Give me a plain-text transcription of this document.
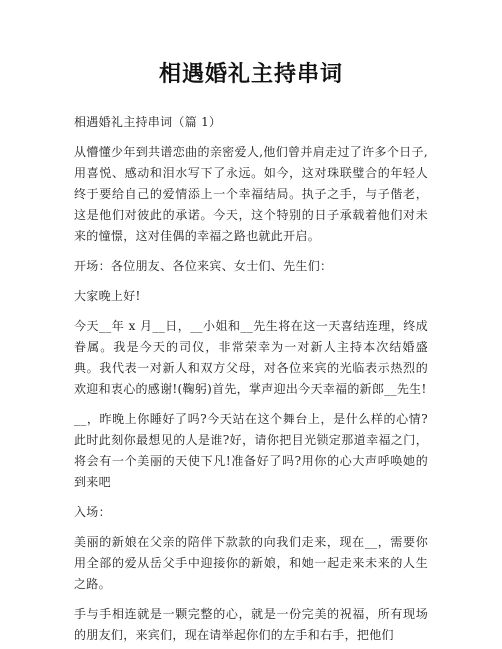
相遇婚礼主持串词

相遇婚礼主持串词（篇 1）

从懵懂少年到共谱恋曲的亲密爱人,他们曾并肩走过了许多个日子,用喜悦、感动和泪水写下了永远。如今，这对珠联璧合的年轻人终于要给自己的爱情添上一个幸福结局。执子之手，与子偕老，这是他们对彼此的承诺。今天，这个特别的日子承载着他们对未来的憧憬，这对佳偶的幸福之路也就此开启。

开场：各位朋友、各位来宾、女士们、先生们：

大家晚上好!

今天__年 x 月__日，__小姐和__先生将在这一天喜结连理，终成眷属。我是今天的司仪，非常荣幸为一对新人主持本次结婚盛典。我代表一对新人和双方父母，对各位来宾的光临表示热烈的欢迎和衷心的感谢!(鞠躬)首先，掌声迎出今天幸福的新郎__先生!

__，昨晚上你睡好了吗?今天站在这个舞台上，是什么样的心情?此时此刻你最想见的人是谁?好，请你把目光锁定那道幸福之门，将会有一个美丽的天使下凡!准备好了吗?用你的心大声呼唤她的到来吧

入场：

美丽的新娘在父亲的陪伴下款款的向我们走来，现在__，需要你用全部的爱从岳父手中迎接你的新娘，和她一起走来未来的人生之路。

手与手相连就是一颗完整的心，就是一份完美的祝福，所有现场的朋友们，来宾们，现在请举起你们的左手和右手，把他们
